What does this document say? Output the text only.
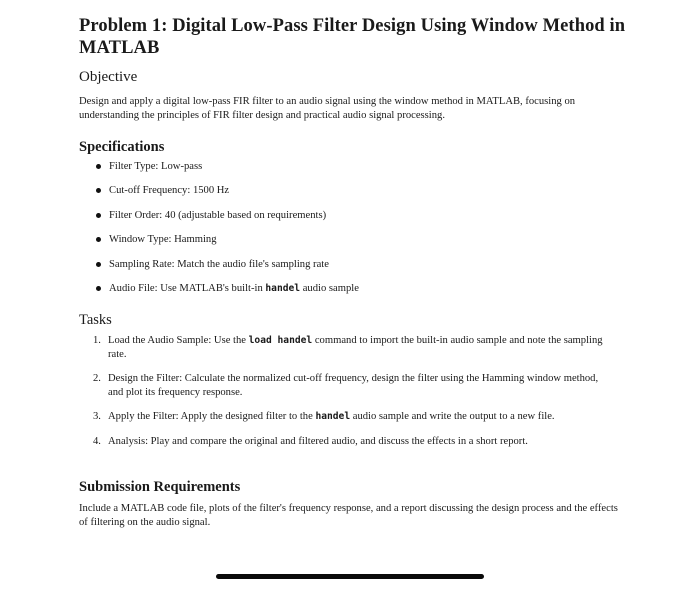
Problem 1: Digital Low-Pass Filter Design Using Window Method in MATLAB
Objective
Design and apply a digital low-pass FIR filter to an audio signal using the window method in MATLAB, focusing on understanding the principles of FIR filter design and practical audio signal processing.
Specifications
Filter Type: Low-pass
Cut-off Frequency: 1500 Hz
Filter Order: 40 (adjustable based on requirements)
Window Type: Hamming
Sampling Rate: Match the audio file's sampling rate
Audio File: Use MATLAB's built-in handel audio sample
Tasks
1. Load the Audio Sample: Use the load handel command to import the built-in audio sample and note the sampling rate.
2. Design the Filter: Calculate the normalized cut-off frequency, design the filter using the Hamming window method, and plot its frequency response.
3. Apply the Filter: Apply the designed filter to the handel audio sample and write the output to a new file.
4. Analysis: Play and compare the original and filtered audio, and discuss the effects in a short report.
Submission Requirements
Include a MATLAB code file, plots of the filter's frequency response, and a report discussing the design process and the effects of filtering on the audio signal.
